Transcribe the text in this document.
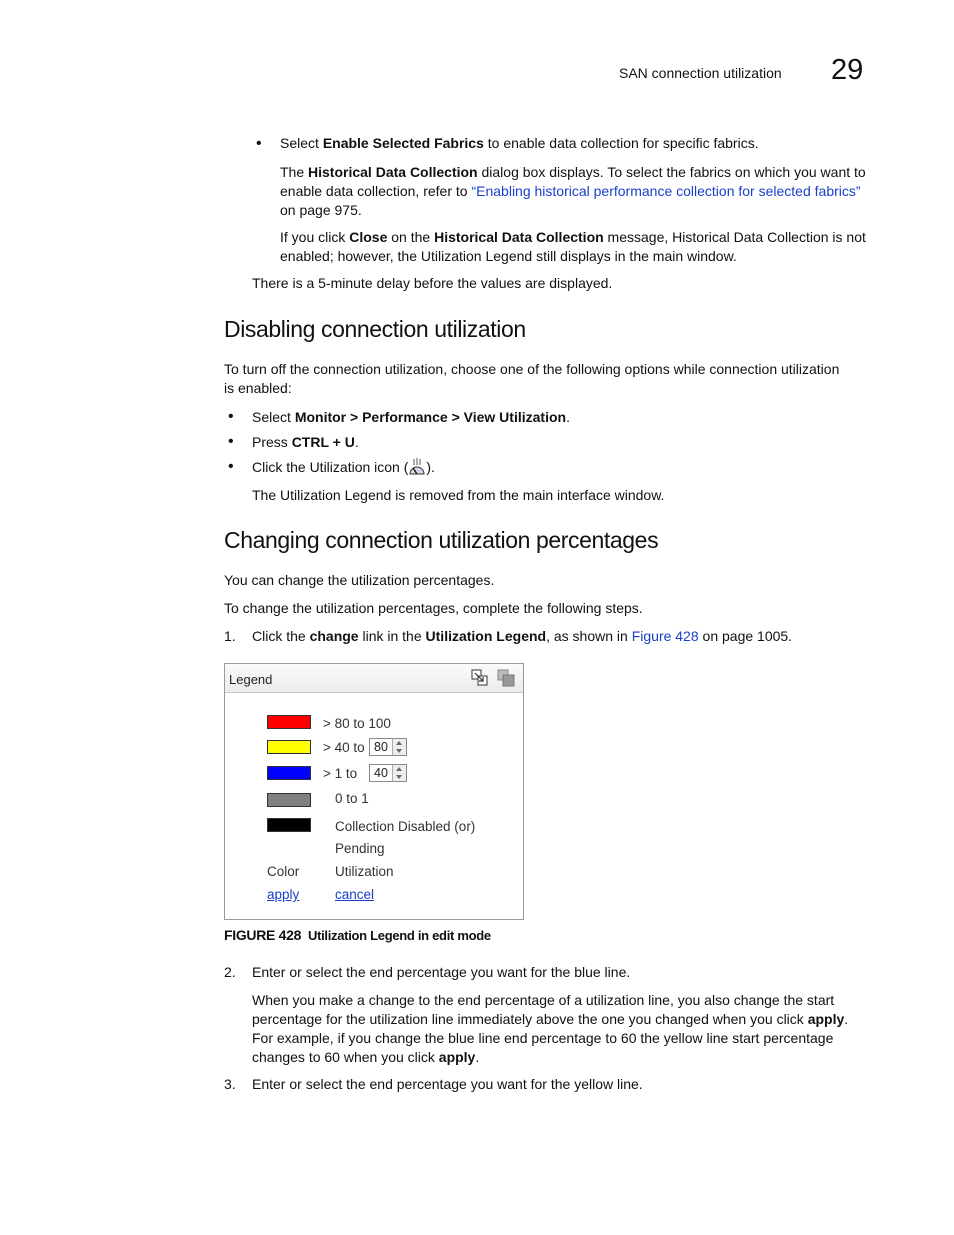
SAN connection utilization 29
• Select Enable Selected Fabrics to enable data collection for specific fabrics.

The Historical Data Collection dialog box displays. To select the fabrics on which you want to enable data collection, refer to “Enabling historical performance collection for selected fabrics” on page 975.

If you click Close on the Historical Data Collection message, Historical Data Collection is not enabled; however, the Utilization Legend still displays in the main window.

There is a 5-minute delay before the values are displayed.

Disabling connection utilization

To turn off the connection utilization, choose one of the following options while connection utilization is enabled:

• Select Monitor > Performance > View Utilization.

• Press CTRL + U.

• Click the Utilization icon ( ).

The Utilization Legend is removed from the main interface window.

Changing connection utilization percentages

You can change the utilization percentages.

To change the utilization percentages, complete the following steps.

1. Click the change link in the Utilization Legend, as shown in Figure 428 on page 1005.

Legend
> 80 to 100
> 40 to 80
> 1 to 40
0 to 1
Collection Disabled (or)
Pending
Color	Utilization
apply	cancel
FIGURE 428 Utilization Legend in edit mode
2. Enter or select the end percentage you want for the blue line.

When you make a change to the end percentage of a utilization line, you also change the start percentage for the utilization line immediately above the one you changed when you click apply. For example, if you change the blue line end percentage to 60 the yellow line start percentage changes to 60 when you click apply.

3. Enter or select the end percentage you want for the yellow line.
